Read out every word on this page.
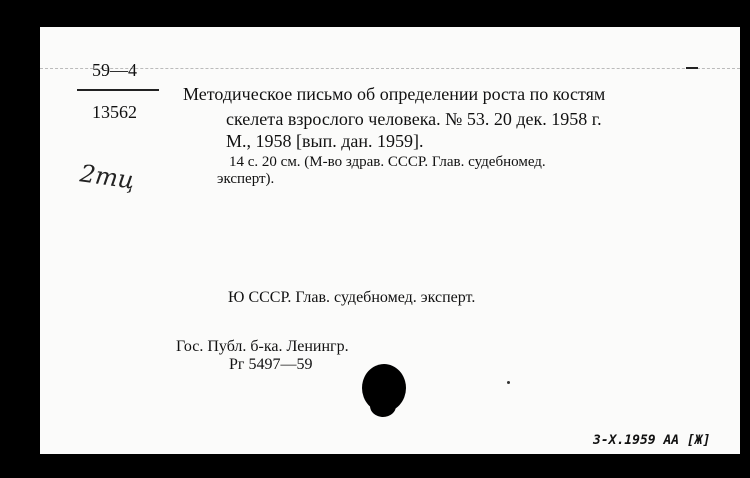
59—4
13562
2mц
Методическое письмо об определении роста по костям
скелета взрослого человека. № 53. 20 дек. 1958 г.
М., 1958 [вып. дан. 1959].
14 с. 20 см. (М-во здрав. СССР. Глав. судебномед.
эксперт).
Ю СССР. Глав. судебномед. эксперт.
Гос. Публ. б-ка. Ленингр.
Рг 5497—59
3-Х.1959 АА [Ж]
